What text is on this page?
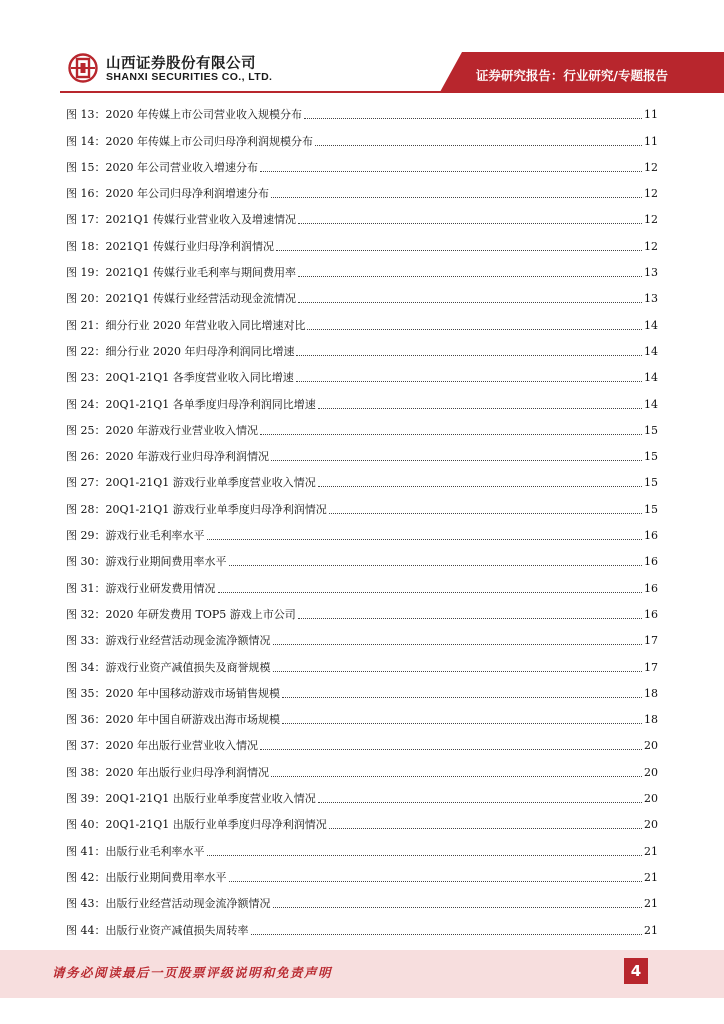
山西证券股份有限公司
SHANXI SECURITIES CO., LTD.	证券研究报告：行业研究/专题报告
图 13：2020 年传媒上市公司营业收入规模分布	11
图 14：2020 年传媒上市公司归母净利润规模分布	11
图 15：2020 年公司营业收入增速分布	12
图 16：2020 年公司归母净利润增速分布	12
图 17：2021Q1 传媒行业营业收入及增速情况	12
图 18：2021Q1 传媒行业归母净利润情况	12
图 19：2021Q1 传媒行业毛利率与期间费用率	13
图 20：2021Q1 传媒行业经营活动现金流情况	13
图 21：细分行业 2020 年营业收入同比增速对比	14
图 22：细分行业 2020 年归母净利润同比增速	14
图 23：20Q1-21Q1 各季度营业收入同比增速	14
图 24：20Q1-21Q1 各单季度归母净利润同比增速	14
图 25：2020 年游戏行业营业收入情况	15
图 26：2020 年游戏行业归母净利润情况	15
图 27：20Q1-21Q1 游戏行业单季度营业收入情况	15
图 28：20Q1-21Q1 游戏行业单季度归母净利润情况	15
图 29：游戏行业毛利率水平	16
图 30：游戏行业期间费用率水平	16
图 31：游戏行业研发费用情况	16
图 32：2020 年研发费用 TOP5 游戏上市公司	16
图 33：游戏行业经营活动现金流净额情况	17
图 34：游戏行业资产减值损失及商誉规模	17
图 35：2020 年中国移动游戏市场销售规模	18
图 36：2020 年中国自研游戏出海市场规模	18
图 37：2020 年出版行业营业收入情况	20
图 38：2020 年出版行业归母净利润情况	20
图 39：20Q1-21Q1 出版行业单季度营业收入情况	20
图 40：20Q1-21Q1 出版行业单季度归母净利润情况	20
图 41：出版行业毛利率水平	21
图 42：出版行业期间费用率水平	21
图 43：出版行业经营活动现金流净额情况	21
图 44：出版行业资产减值损失周转率	21
请务必阅读最后一页股票评级说明和免责声明	4
